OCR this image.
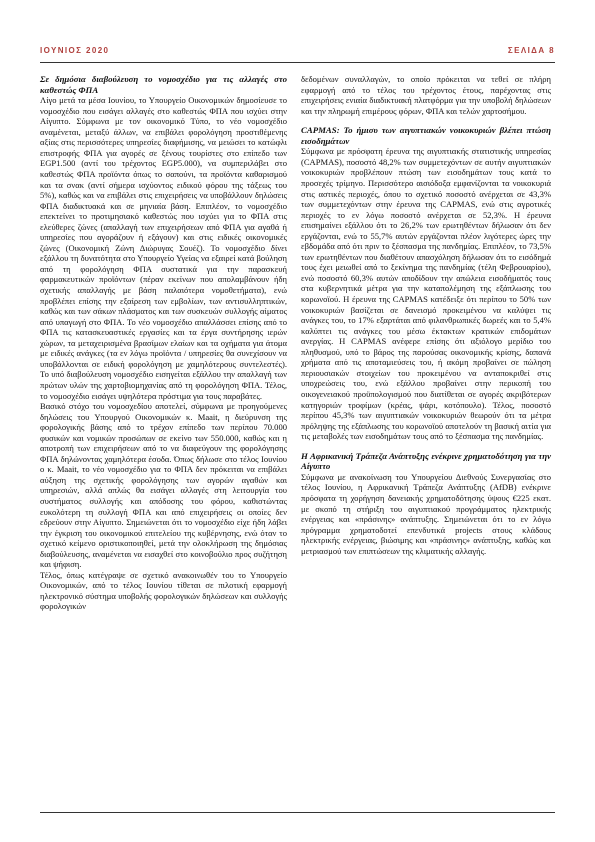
ΙΟΥΝΙΟΣ 2020	ΣΕΛΙΔΑ 8
Σε δημόσια διαβούλευση το νομοσχέδιο για τις αλλαγές στο καθεστώς ΦΠΑ

Λίγο μετά τα μέσα Ιουνίου, το Υπουργείο Οικονομικών δημοσίευσε το νομοσχέδιο που εισάγει αλλαγές στο καθεστώς ΦΠΑ που ισχύει στην Αίγυπτο. Σύμφωνα με τον οικονομικό Τύπο, το νέο νομοσχέδιο αναμένεται, μεταξύ άλλων, να επιβάλει φορολόγηση προστιθέμενης αξίας στις περισσότερες υπηρεσίες διαφήμισης, να μειώσει το κατώφλι επιστροφής ΦΠΑ για αγορές σε ξένους τουρίστες στο επίπεδο των EGP1.500 (αντί του τρέχοντος EGP5.000), να συμπεριλάβει στο καθεστώς ΦΠΑ προϊόντα όπως το σαπούνι, τα προϊόντα καθαρισμού και τα σνακ (αντί σήμερα ισχύοντος ειδικού φόρου της τάξεως του 5%), καθώς και να επιβάλει στις επιχειρήσεις να υποβάλλουν δηλώσεις ΦΠΑ διαδικτυακά και σε μηνιαία βάση. Επιπλέον, το νομοσχέδιο επεκτείνει το προτιμησιακό καθεστώς που ισχύει για το ΦΠΑ στις ελεύθερες ζώνες (απαλλαγή των επιχειρήσεων από ΦΠΑ για αγαθά ή υπηρεσίες που αγοράζουν ή εξάγουν) και στις ειδικές οικονομικές ζώνες (Οικονομική Ζώνη Διώρυγας Σουέζ). Το νομοσχέδιο δίνει εξάλλου τη δυνατότητα στο Υπουργείο Υγείας να εξαιρεί κατά βούληση από τη φορολόγηση ΦΠΑ συστατικά για την παρασκευή φαρμακευτικών προϊόντων (πέραν εκείνων που απολαμβάνουν ήδη σχετικής απαλλαγής με βάση παλαιότερα νομοθετήματα), ενώ προβλέπει επίσης την εξαίρεση των εμβολίων, των αντισυλληπτικών, καθώς και των σάκων πλάσματος και των συσκευών συλλογής αίματος από υπαγωγή στο ΦΠΑ. Το νέο νομοσχέδιο απαλλάσσει επίσης από το ΦΠΑ τις κατασκευαστικές εργασίες και τα έργα συντήρησης ιερών χώρων, τα μεταχειρισμένα βρασίμων ελαίων και τα οχήματα για άτομα με ειδικές ανάγκες (τα εν λόγω προϊόντα / υπηρεσίες θα συνεχίσουν να υποβάλλονται σε ειδική φορολόγηση με χαμηλότερους συντελεστές). Το υπό διαβούλευση νομοσχέδιο εισηγείται εξάλλου την απαλλαγή των πρώτων υλών της χαρτοβιομηχανίας από τη φορολόγηση ΦΠΑ. Τέλος, το νομοσχέδιο εισάγει υψηλότερα πρόστιμα για τους παραβάτες.

Βασικό στόχο του νομοσχεδίου αποτελεί, σύμφωνα με προηγούμενες δηλώσεις του Υπουργού Οικονομικών κ. Maait, η διεύρυνση της φορολογικής βάσης από το τρέχον επίπεδο των περίπου 70.000 φυσικών και νομικών προσώπων σε εκείνο των 550.000, καθώς και η αποτροπή των επιχειρήσεων από το να διαφεύγουν της φορολόγησης ΦΠΑ δηλώνοντας χαμηλότερα έσοδα. Όπως δήλωσε στο τέλος Ιουνίου ο κ. Maait, το νέο νομοσχέδιο για το ΦΠΑ δεν πρόκειται να επιβάλει αύξηση της σχετικής φορολόγησης των αγορών αγαθών και υπηρεσιών, αλλά απλώς θα εισάγει αλλαγές στη λειτουργία του συστήματος συλλογής και απόδοσης του φόρου, καθιστώντας ευκολότερη τη συλλογή ΦΠΑ και από επιχειρήσεις οι οποίες δεν εδρεύουν στην Αίγυπτο. Σημειώνεται ότι το νομοσχέδιο είχε ήδη λάβει την έγκριση του οικονομικού επιτελείου της κυβέρνησης, ενώ όταν το σχετικό κείμενο οριστικοποιηθεί, μετά την ολοκλήρωση της δημόσιας διαβούλευσης, αναμένεται να εισαχθεί στο κοινοβούλιο προς συζήτηση και ψήφιση.

Τέλος, όπως κατέγραψε σε σχετικό ανακοινωθέν του το Υπουργείο Οικονομικών, από το τέλος Ιουνίου τίθεται σε πιλοτική εφαρμογή ηλεκτρονικό σύστημα υποβολής φορολογικών δηλώσεων και συλλογής φορολογικών

δεδομένων συναλλαγών, το οποίο πρόκειται να τεθεί σε πλήρη εφαρμογή από το τέλος του τρέχοντος έτους, παρέχοντας στις επιχειρήσεις ενιαία διαδικτυακή πλατφόρμα για την υποβολή δηλώσεων και την πληρωμή επιμέρους φόρων, ΦΠΑ και τελών χαρτοσήμου.

CAPMAS: Το ήμισυ των αιγυπτιακών νοικοκυριών βλέπει πτώση εισοδημάτων

Σύμφωνα με πρόσφατη έρευνα της αιγυπτιακής στατιστικής υπηρεσίας (CAPMAS), ποσοστό 48,2% των συμμετεχόντων σε αυτήν αιγυπτιακών νοικοκυριών προβλέπουν πτώση των εισοδημάτων τους κατά το προσεχές τρίμηνο. Περισσότερο αισιόδοξα εμφανίζονται τα νοικοκυριά στις αστικές περιοχές, όπου το σχετικό ποσοστό ανέρχεται σε 43,3% των συμμετεχόντων στην έρευνα της CAPMAS, ενώ στις αγροτικές περιοχές το εν λόγω ποσοστό ανέρχεται σε 52,3%. Η έρευνα επισημαίνει εξάλλου ότι το 26,2% των ερωτηθέντων δήλωσαν ότι δεν εργάζονται, ενώ το 55,7% αυτών εργάζονται πλέον λιγότερες ώρες την εβδομάδα από ότι πριν το ξέσπασμα της πανδημίας. Επιπλέον, το 73,5% των ερωτηθέντων που διαθέτουν απασχόληση δήλωσαν ότι το εισόδημά τους έχει μειωθεί από το ξεκίνημα της πανδημίας (τέλη Φεβρουαρίου), ενώ ποσοστό 60,3% αυτών αποδίδουν την απώλεια εισοδήματός τους στα κυβερνητικά μέτρα για την καταπολέμηση της εξάπλωσης του κορωνοϊού. Η έρευνα της CAPMAS κατέδειξε ότι περίπου το 50% των νοικοκυριών βασίζεται σε δανεισμό προκειμένου να καλύψει τις ανάγκες του, το 17% εξαρτάται από φιλανθρωπικές δωρεές και το 5,4% καλύπτει τις ανάγκες του μέσω έκτακτων κρατικών επιδομάτων ανεργίας. Η CAPMAS ανέφερε επίσης ότι αξιόλογο μερίδιο του πληθυσμού, υπό το βάρος της παρούσας οικονομικής κρίσης, δαπανά χρήματα από τις αποταμιεύσεις του, ή ακόμη προβαίνει σε πώληση περιουσιακών στοιχείων του προκειμένου να ανταποκριθεί στις υποχρεώσεις του, ενώ εξάλλου προβαίνει στην περικοπή του οικογενειακού προϋπολογισμού που διατίθεται σε αγορές ακριβότερων κατηγοριών τροφίμων (κρέας, ψάρι, κοτόπουλο). Τέλος, ποσοστό περίπου 45,3% των αιγυπτιακών νοικοκυριών θεωρούν ότι τα μέτρα πρόληψης της εξάπλωσης του κορωνοϊού αποτελούν τη βασική αιτία για τις μεταβολές των εισοδημάτων τους από το ξέσπασμα της πανδημίας.

Η Αφρικανική Τράπεζα Ανάπτυξης ενέκρινε χρηματοδότηση για την Αίγυπτο

Σύμφωνα με ανακοίνωση του Υπουργείου Διεθνούς Συνεργασίας στο τέλος Ιουνίου, η Αφρικανική Τράπεζα Ανάπτυξης (AfDB) ενέκρινε πρόσφατα τη χορήγηση δανειακής χρηματοδότησης ύψους €225 εκατ. με σκοπό τη στήριξη του αιγυπτιακού προγράμματος ηλεκτρικής ενέργειας και «πράσινης» ανάπτυξης. Σημειώνεται ότι το εν λόγω πρόγραμμα χρηματοδοτεί επενδυτικά projects στους κλάδους ηλεκτρικής ενέργειας, βιώσιμης και «πράσινης» ανάπτυξης, καθώς και μετριασμού των επιπτώσεων της κλιματικής αλλαγής.
